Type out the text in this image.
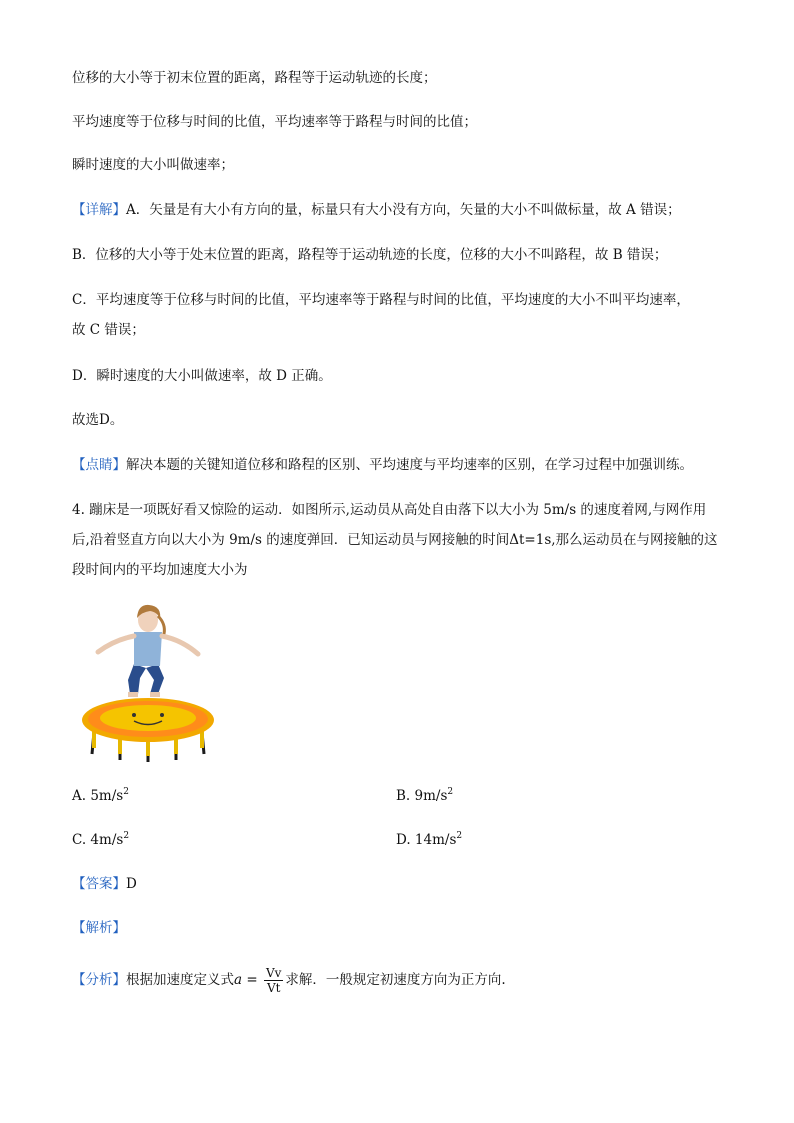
位移的大小等于初末位置的距离，路程等于运动轨迹的长度；
平均速度等于位移与时间的比值，平均速率等于路程与时间的比值；
瞬时速度的大小叫做速率；
【详解】A．矢量是有大小有方向的量，标量只有大小没有方向，矢量的大小不叫做标量，故 A 错误；
B．位移的大小等于处末位置的距离，路程等于运动轨迹的长度，位移的大小不叫路程，故 B 错误；
C．平均速度等于位移与时间的比值，平均速率等于路程与时间的比值，平均速度的大小不叫平均速率，
故 C 错误；
D．瞬时速度的大小叫做速率，故 D 正确。
故选D。
【点睛】解决本题的关键知道位移和路程的区别、平均速度与平均速率的区别，在学习过程中加强训练。
4. 蹦床是一项既好看又惊险的运动．如图所示,运动员从高处自由落下以大小为 5m/s 的速度着网,与网作用
后,沿着竖直方向以大小为 9m/s 的速度弹回．已知运动员与网接触的时间Δt=1s,那么运动员在与网接触的这
段时间内的平均加速度大小为
A. $5m/s^2$	B. $9m/s^2$
C. $4m/s^2$	D. $14m/s^2$
【答案】D
【解析】
【分析】根据加速度定义式$a = \frac{Vv}{Vt}$ 求解．一般规定初速度方向为正方向.
